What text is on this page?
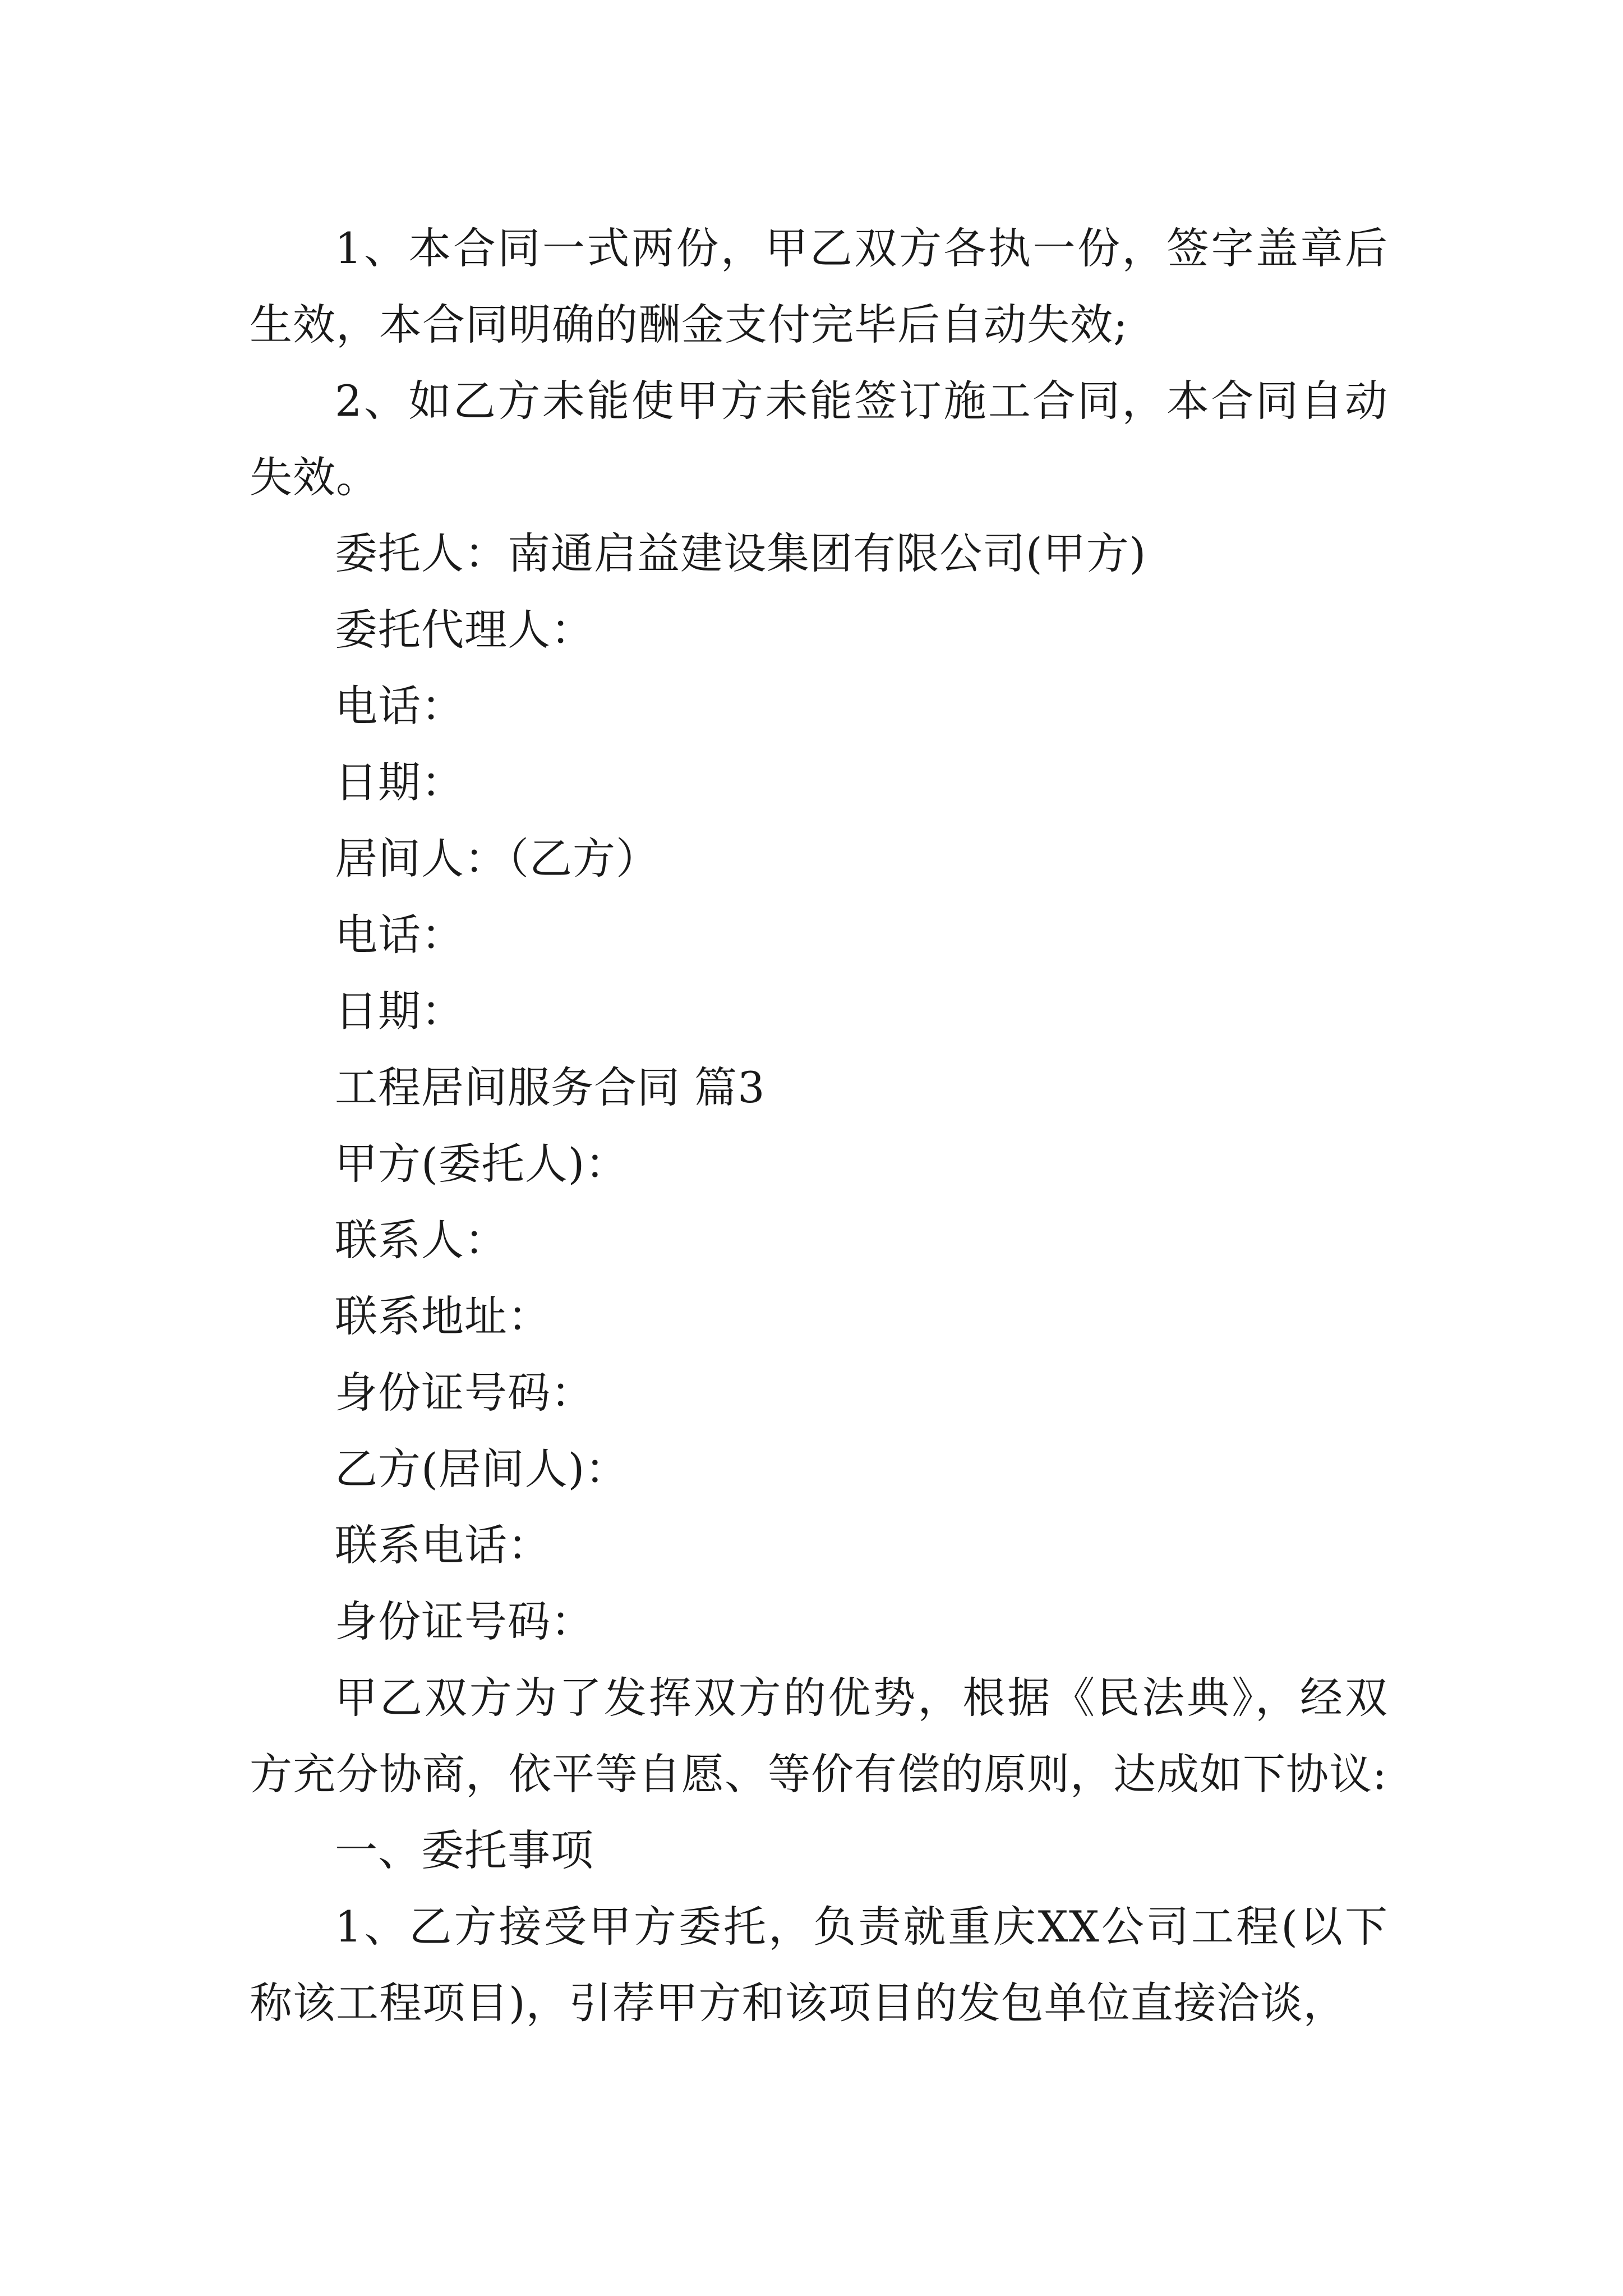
1、本合同一式两份，甲乙双方各执一份，签字盖章后生效，本合同明确的酬金支付完毕后自动失效;

2、如乙方未能使甲方未能签订施工合同，本合同自动失效。

委托人：南通启益建设集团有限公司(甲方)

委托代理人：

电话：

日期：

居间人：（乙方）

电话：

日期：

工程居间服务合同 篇3

甲方(委托人)：

联系人：

联系地址：

身份证号码：

乙方(居间人)：

联系电话：

身份证号码：

甲乙双方为了发挥双方的优势，根据《民法典》，经双方充分协商，依平等自愿、等价有偿的原则，达成如下协议:

一、委托事项

1、乙方接受甲方委托，负责就重庆XX公司工程(以下称该工程项目)，引荐甲方和该项目的发包单位直接洽谈，
